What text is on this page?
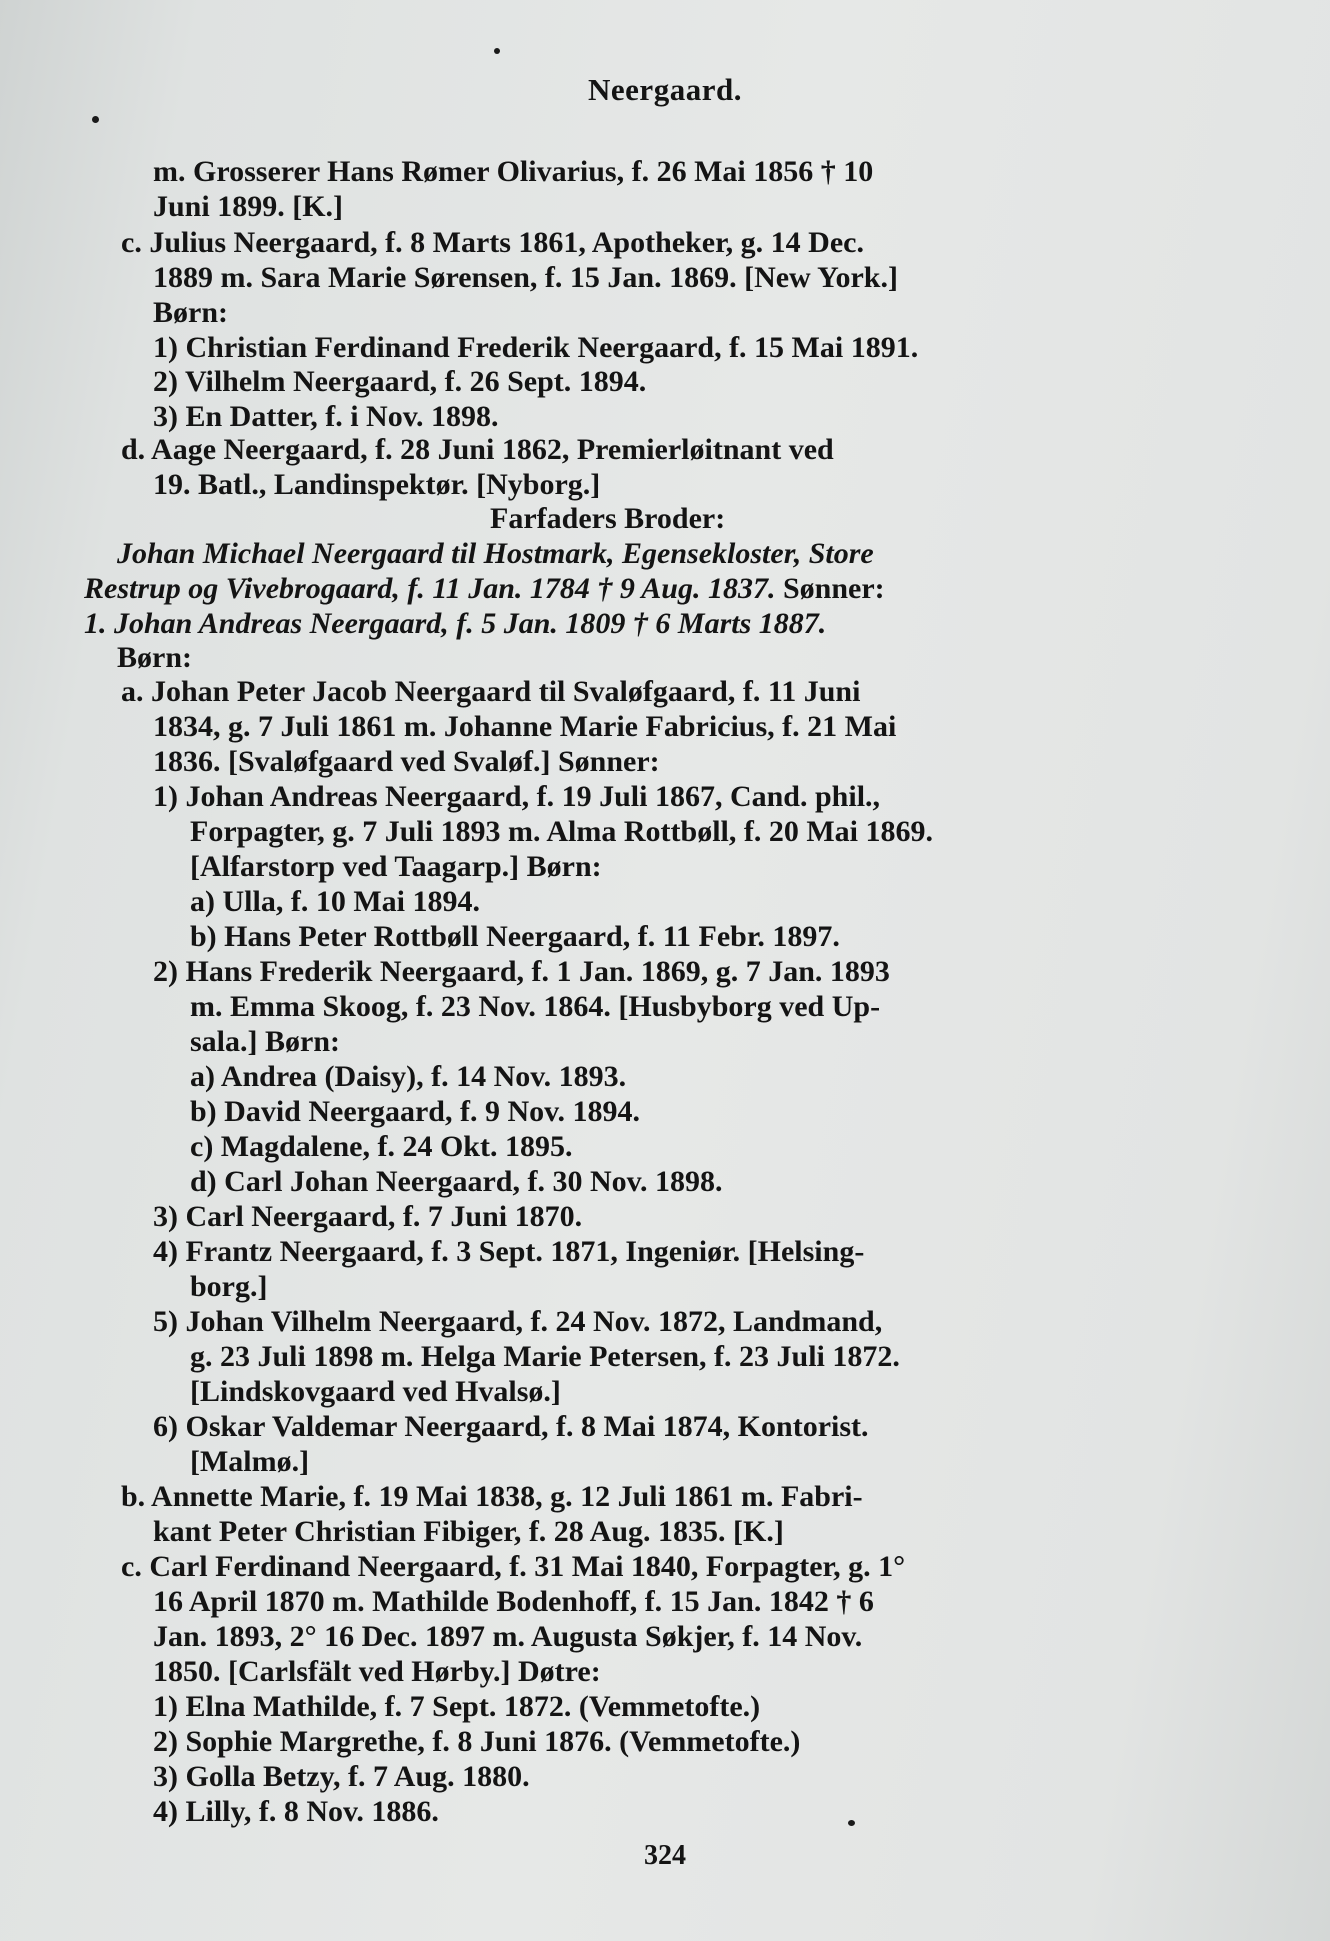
Neergaard.
m. Grosserer Hans Rømer Olivarius, f. 26 Mai 1856 † 10
Juni 1899. [K.]
c. Julius Neergaard, f. 8 Marts 1861, Apotheker, g. 14 Dec.
1889 m. Sara Marie Sørensen, f. 15 Jan. 1869. [New York.]
Børn:
1) Christian Ferdinand Frederik Neergaard, f. 15 Mai 1891.
2) Vilhelm Neergaard, f. 26 Sept. 1894.
3) En Datter, f. i Nov. 1898.
d. Aage Neergaard, f. 28 Juni 1862, Premierløitnant ved
19. Batl., Landinspektør. [Nyborg.]
Farfaders Broder:
Johan Michael Neergaard til Hostmark, Egensekloster, Store
Restrup og Vivebrogaard, f. 11 Jan. 1784 † 9 Aug. 1837. Sønner:
1. Johan Andreas Neergaard, f. 5 Jan. 1809 † 6 Marts 1887.
Børn:
a. Johan Peter Jacob Neergaard til Svaløfgaard, f. 11 Juni
1834, g. 7 Juli 1861 m. Johanne Marie Fabricius, f. 21 Mai
1836. [Svaløfgaard ved Svaløf.] Sønner:
1) Johan Andreas Neergaard, f. 19 Juli 1867, Cand. phil.,
Forpagter, g. 7 Juli 1893 m. Alma Rottbøll, f. 20 Mai 1869.
[Alfarstorp ved Taagarp.] Børn:
a) Ulla, f. 10 Mai 1894.
b) Hans Peter Rottbøll Neergaard, f. 11 Febr. 1897.
2) Hans Frederik Neergaard, f. 1 Jan. 1869, g. 7 Jan. 1893
m. Emma Skoog, f. 23 Nov. 1864. [Husbyborg ved Up-
sala.] Børn:
a) Andrea (Daisy), f. 14 Nov. 1893.
b) David Neergaard, f. 9 Nov. 1894.
c) Magdalene, f. 24 Okt. 1895.
d) Carl Johan Neergaard, f. 30 Nov. 1898.
3) Carl Neergaard, f. 7 Juni 1870.
4) Frantz Neergaard, f. 3 Sept. 1871, Ingeniør. [Helsing-
borg.]
5) Johan Vilhelm Neergaard, f. 24 Nov. 1872, Landmand,
g. 23 Juli 1898 m. Helga Marie Petersen, f. 23 Juli 1872.
[Lindskovgaard ved Hvalsø.]
6) Oskar Valdemar Neergaard, f. 8 Mai 1874, Kontorist.
[Malmø.]
b. Annette Marie, f. 19 Mai 1838, g. 12 Juli 1861 m. Fabri-
kant Peter Christian Fibiger, f. 28 Aug. 1835. [K.]
c. Carl Ferdinand Neergaard, f. 31 Mai 1840, Forpagter, g. 1°
16 April 1870 m. Mathilde Bodenhoff, f. 15 Jan. 1842 † 6
Jan. 1893, 2° 16 Dec. 1897 m. Augusta Søkjer, f. 14 Nov.
1850. [Carlsfält ved Hørby.] Døtre:
1) Elna Mathilde, f. 7 Sept. 1872. (Vemmetofte.)
2) Sophie Margrethe, f. 8 Juni 1876. (Vemmetofte.)
3) Golla Betzy, f. 7 Aug. 1880.
4) Lilly, f. 8 Nov. 1886.
324
